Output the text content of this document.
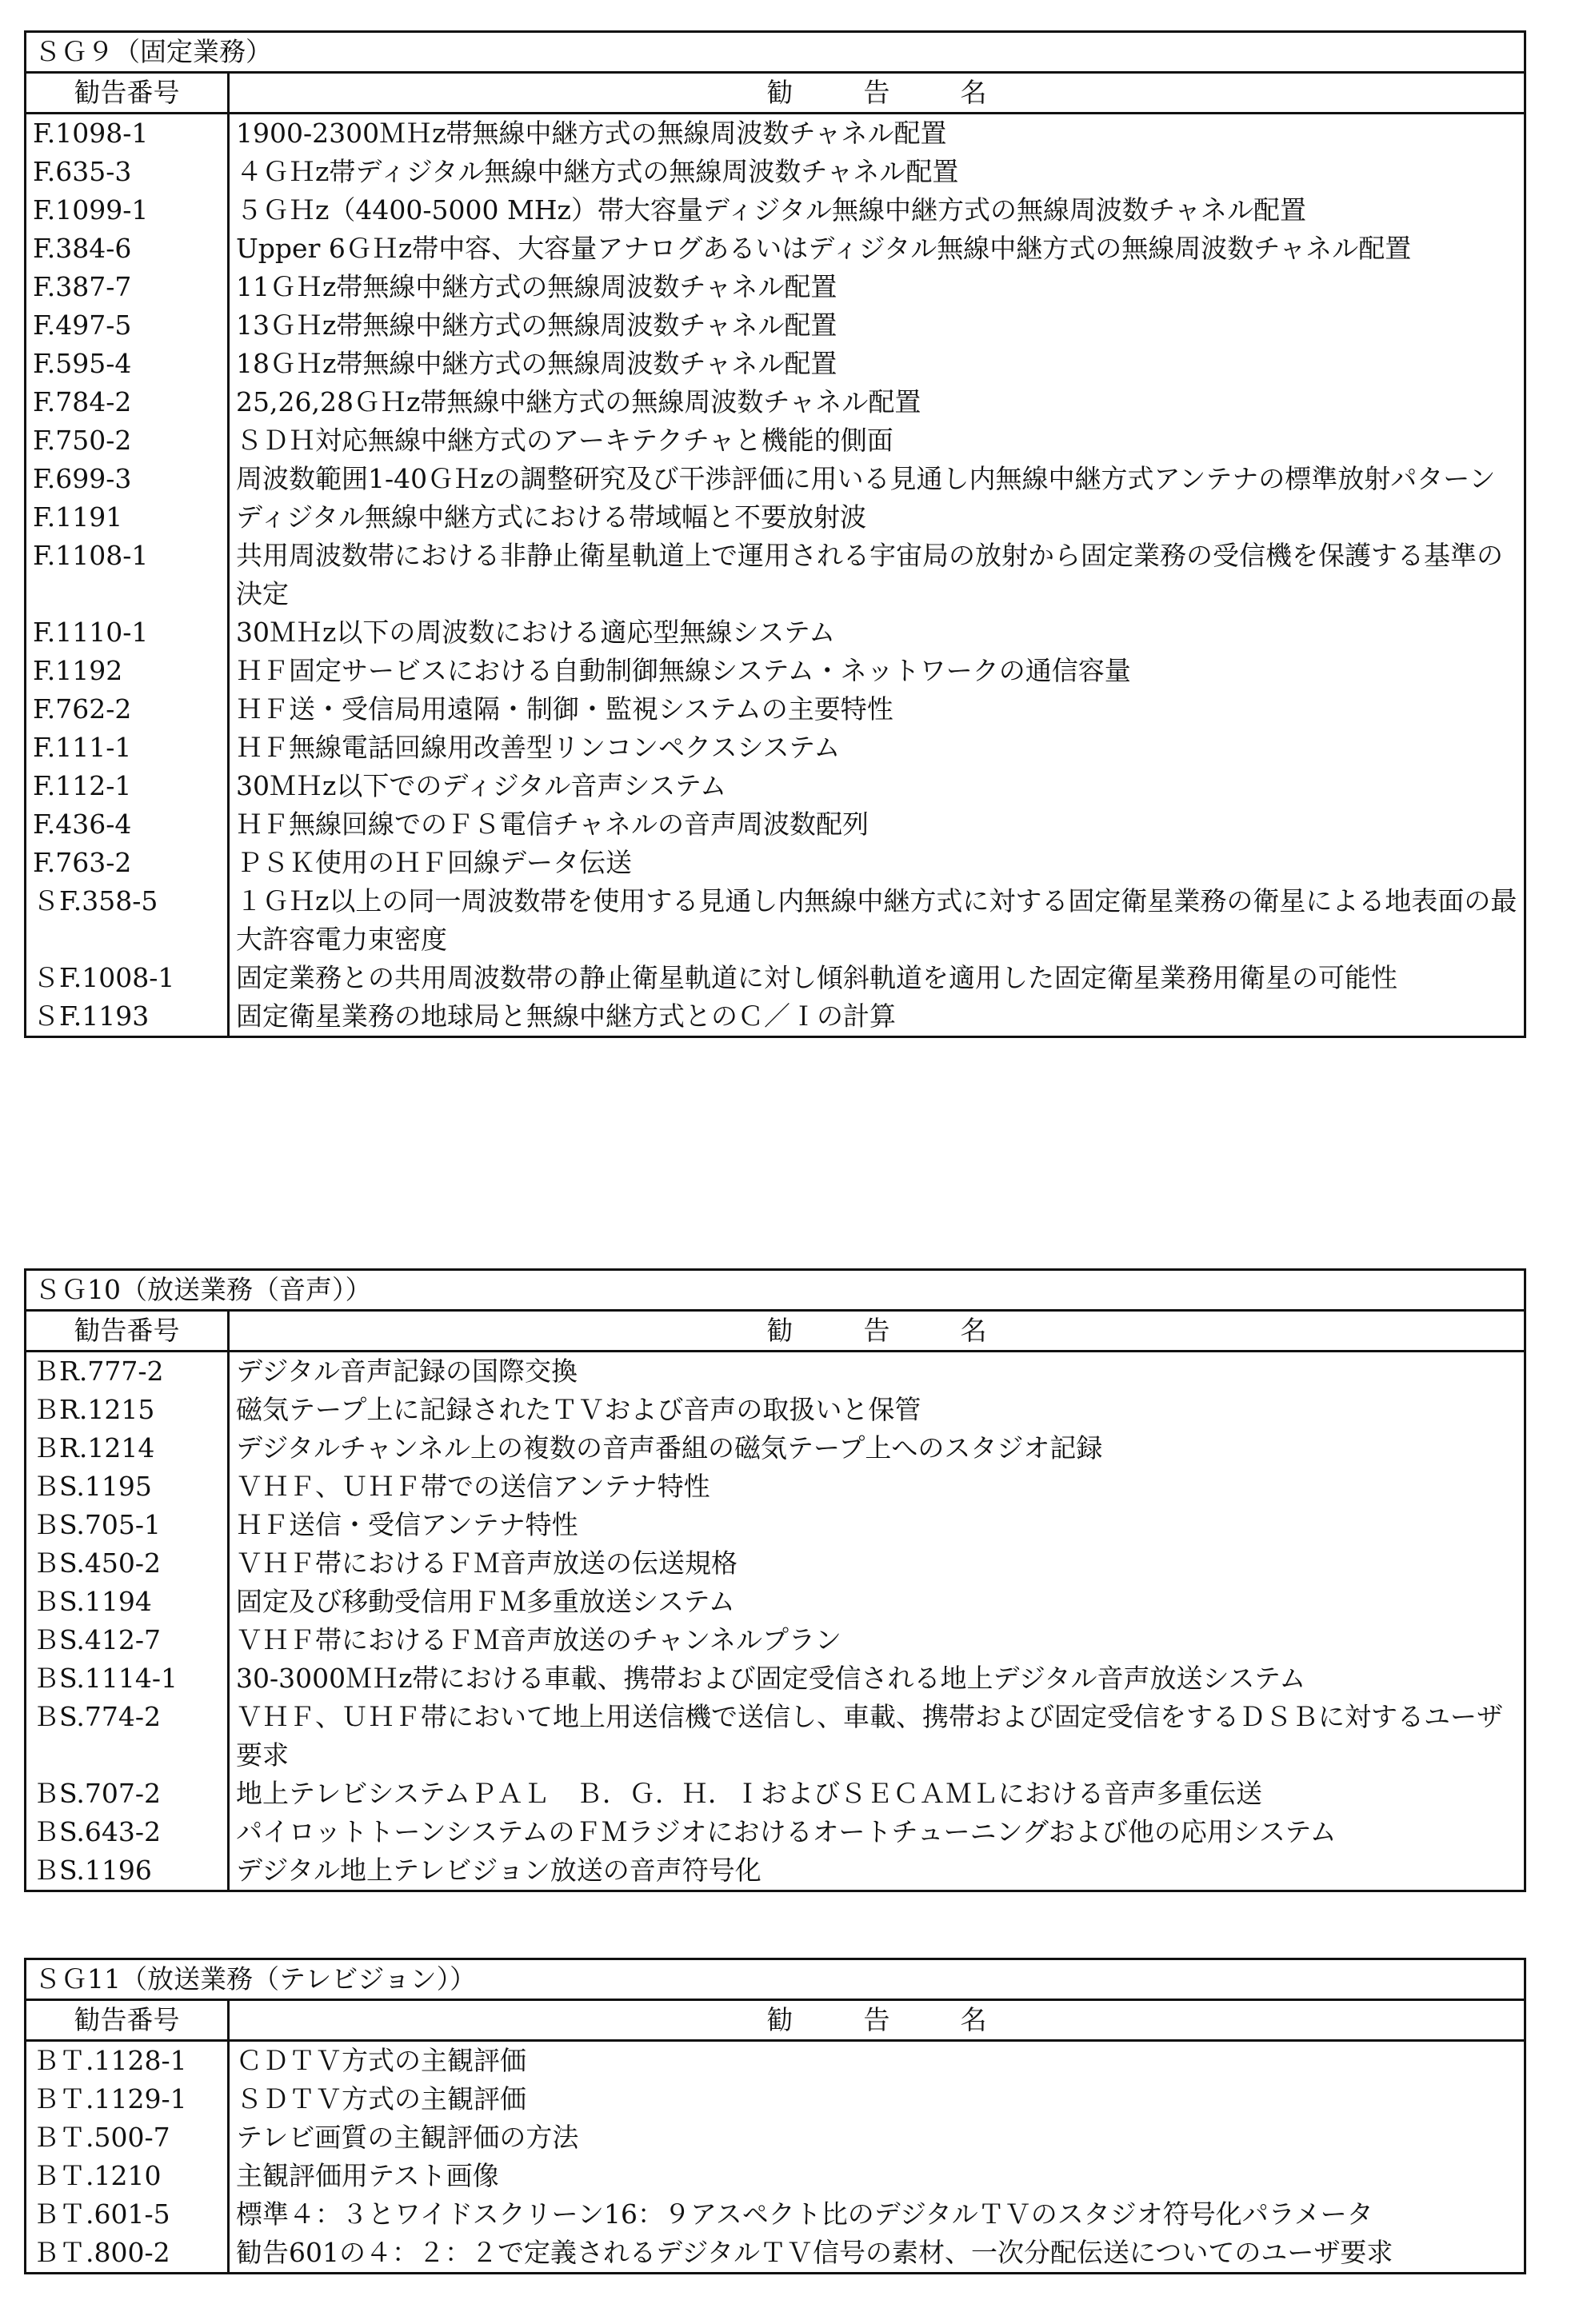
ＳＧ９（固定業務）	
勧告番号	勧 告 名
F.1098-1	1900-2300ＭＨz帯無線中継方式の無線周波数チャネル配置
F.635-3	４ＧＨz帯ディジタル無線中継方式の無線周波数チャネル配置
F.1099-1	５ＧＨz（4400-5000 MHz）帯大容量ディジタル無線中継方式の無線周波数チャネル配置
F.384-6	Upper 6ＧＨz帯中容、大容量アナログあるいはディジタル無線中継方式の無線周波数チャネル配置
F.387-7	11ＧＨz帯無線中継方式の無線周波数チャネル配置
F.497-5	13ＧＨz帯無線中継方式の無線周波数チャネル配置
F.595-4	18ＧＨz帯無線中継方式の無線周波数チャネル配置
F.784-2	25,26,28ＧＨz帯無線中継方式の無線周波数チャネル配置
F.750-2	ＳＤＨ対応無線中継方式のアーキテクチャと機能的側面
F.699-3	周波数範囲1-40ＧＨzの調整研究及び干渉評価に用いる見通し内無線中継方式アンテナの標準放射パターン
F.1191	ディジタル無線中継方式における帯域幅と不要放射波
F.1108-1	共用周波数帯における非静止衛星軌道上で運用される宇宙局の放射から固定業務の受信機を保護する基準の決定
F.1110-1	30ＭＨz以下の周波数における適応型無線システム
F.1192	ＨＦ固定サービスにおける自動制御無線システム・ネットワークの通信容量
F.762-2	ＨＦ送・受信局用遠隔・制御・監視システムの主要特性
F.111-1	ＨＦ無線電話回線用改善型リンコンペクスシステム
F.112-1	30ＭＨz以下でのディジタル音声システム
F.436-4	ＨＦ無線回線でのＦＳ電信チャネルの音声周波数配列
F.763-2	ＰＳＫ使用のＨＦ回線データ伝送
ＳF.358-5	１ＧＨz以上の同一周波数帯を使用する見通し内無線中継方式に対する固定衛星業務の衛星による地表面の最大許容電力束密度
ＳF.1008-1	固定業務との共用周波数帯の静止衛星軌道に対し傾斜軌道を適用した固定衛星業務用衛星の可能性
ＳF.1193	固定衛星業務の地球局と無線中継方式とのＣ／Ｉの計算
ＳＧ10（放送業務（音声））	
勧告番号	勧 告 名
ＢR.777-2	デジタル音声記録の国際交換
ＢR.1215	磁気テープ上に記録されたＴＶおよび音声の取扱いと保管
ＢR.1214	デジタルチャンネル上の複数の音声番組の磁気テープ上へのスタジオ記録
ＢS.1195	ＶＨＦ、ＵＨＦ帯での送信アンテナ特性
ＢS.705-1	ＨＦ送信・受信アンテナ特性
ＢS.450-2	ＶＨＦ帯におけるＦＭ音声放送の伝送規格
ＢS.1194	固定及び移動受信用ＦＭ多重放送システム
ＢS.412-7	ＶＨＦ帯におけるＦＭ音声放送のチャンネルプラン
ＢS.1114-1	30-3000ＭＨz帯における車載、携帯および固定受信される地上デジタル音声放送システム
ＢS.774-2	ＶＨＦ、ＵＨＦ帯において地上用送信機で送信し、車載、携帯および固定受信をするＤＳＢに対するユーザ要求
ＢS.707-2	地上テレビシステムＰＡＬ　Ｂ．Ｇ．Ｈ．ＩおよびＳＥＣＡＭＬにおける音声多重伝送
ＢS.643-2	パイロットトーンシステムのＦＭラジオにおけるオートチューニングおよび他の応用システム
ＢS.1196	デジタル地上テレビジョン放送の音声符号化
ＳＧ11（放送業務（テレビジョン））	
勧告番号	勧 告 名
ＢＴ.1128-1	ＣＤＴＶ方式の主観評価
ＢＴ.1129-1	ＳＤＴＶ方式の主観評価
ＢＴ.500-7	テレビ画質の主観評価の方法
ＢＴ.1210	主観評価用テスト画像
ＢＴ.601-5	標準４：３とワイドスクリーン16：９アスペクト比のデジタルＴＶのスタジオ符号化パラメータ
ＢＴ.800-2	勧告601の４：２：２で定義されるデジタルＴＶ信号の素材、一次分配伝送についてのユーザ要求
